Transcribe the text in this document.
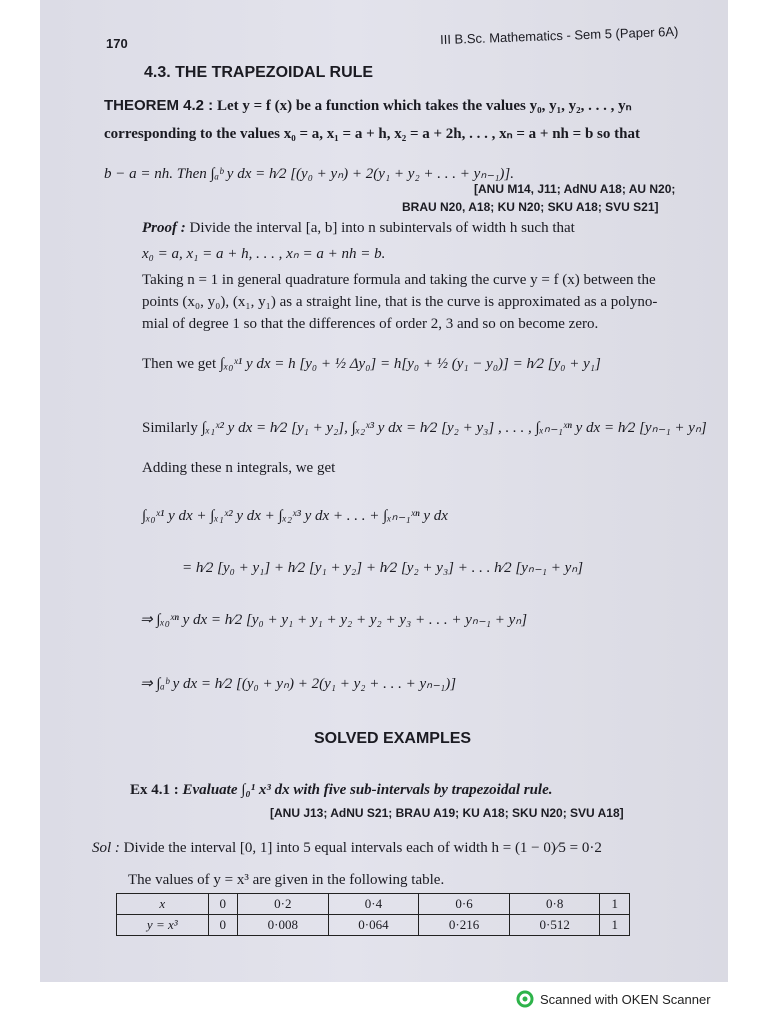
170	III B.Sc. Mathematics - Sem 5 (Paper 6A)
4.3. THE TRAPEZOIDAL RULE
THEOREM 4.2 : Let y = f (x) be a function which takes the values y₀, y₁, y₂, . . . , yₙ
corresponding to the values x₀ = a, x₁ = a + h, x₂ = a + 2h, . . . , xₙ = a + nh = b so that
b − a = nh. Then ∫ₐᵇ y dx = h⁄2 [(y₀ + yₙ) + 2(y₁ + y₂ + . . . + yₙ₋₁)].
[ANU M14, J11; AdNU A18; AU N20;
BRAU N20, A18; KU N20; SKU A18; SVU S21]
Proof : Divide the interval [a, b] into n subintervals of width h such that
x₀ = a, x₁ = a + h, . . . , xₙ = a + nh = b.
Taking n = 1 in general quadrature formula and taking the curve y = f (x) between the
points (x₀, y₀), (x₁, y₁) as a straight line, that is the curve is approximated as a polyno-
mial of degree 1 so that the differences of order 2, 3 and so on become zero.
Then we get ∫ₓ₀ˣ¹ y dx = h [y₀ + ½ Δy₀] = h[y₀ + ½ (y₁ − y₀)] = h⁄2 [y₀ + y₁]
Similarly ∫ₓ₁ˣ² y dx = h⁄2 [y₁ + y₂], ∫ₓ₂ˣ³ y dx = h⁄2 [y₂ + y₃] , . . . , ∫ₓₙ₋₁ˣⁿ y dx = h⁄2 [yₙ₋₁ + yₙ]
Adding these n integrals, we get
∫ₓ₀ˣ¹ y dx + ∫ₓ₁ˣ² y dx + ∫ₓ₂ˣ³ y dx + . . . + ∫ₓₙ₋₁ˣⁿ y dx
= h⁄2 [y₀ + y₁] + h⁄2 [y₁ + y₂] + h⁄2 [y₂ + y₃] + . . . h⁄2 [yₙ₋₁ + yₙ]
⇒ ∫ₓ₀ˣⁿ y dx = h⁄2 [y₀ + y₁ + y₁ + y₂ + y₂ + y₃ + . . . + yₙ₋₁ + yₙ]
⇒ ∫ₐᵇ y dx = h⁄2 [(y₀ + yₙ) + 2(y₁ + y₂ + . . . + yₙ₋₁)]
SOLVED EXAMPLES
Ex 4.1 : Evaluate ∫₀¹ x³ dx with five sub-intervals by trapezoidal rule.
[ANU J13; AdNU S21; BRAU A19; KU A18; SKU N20; SVU A18]
Sol : Divide the interval [0, 1] into 5 equal intervals each of width h = (1 − 0)⁄5 = 0·2
The values of y = x³ are given in the following table.
x	0	0·2	0·4	0·6	0·8	1
y = x³	0	0·008	0·064	0·216	0·512	1
Scanned with OKEN Scanner
